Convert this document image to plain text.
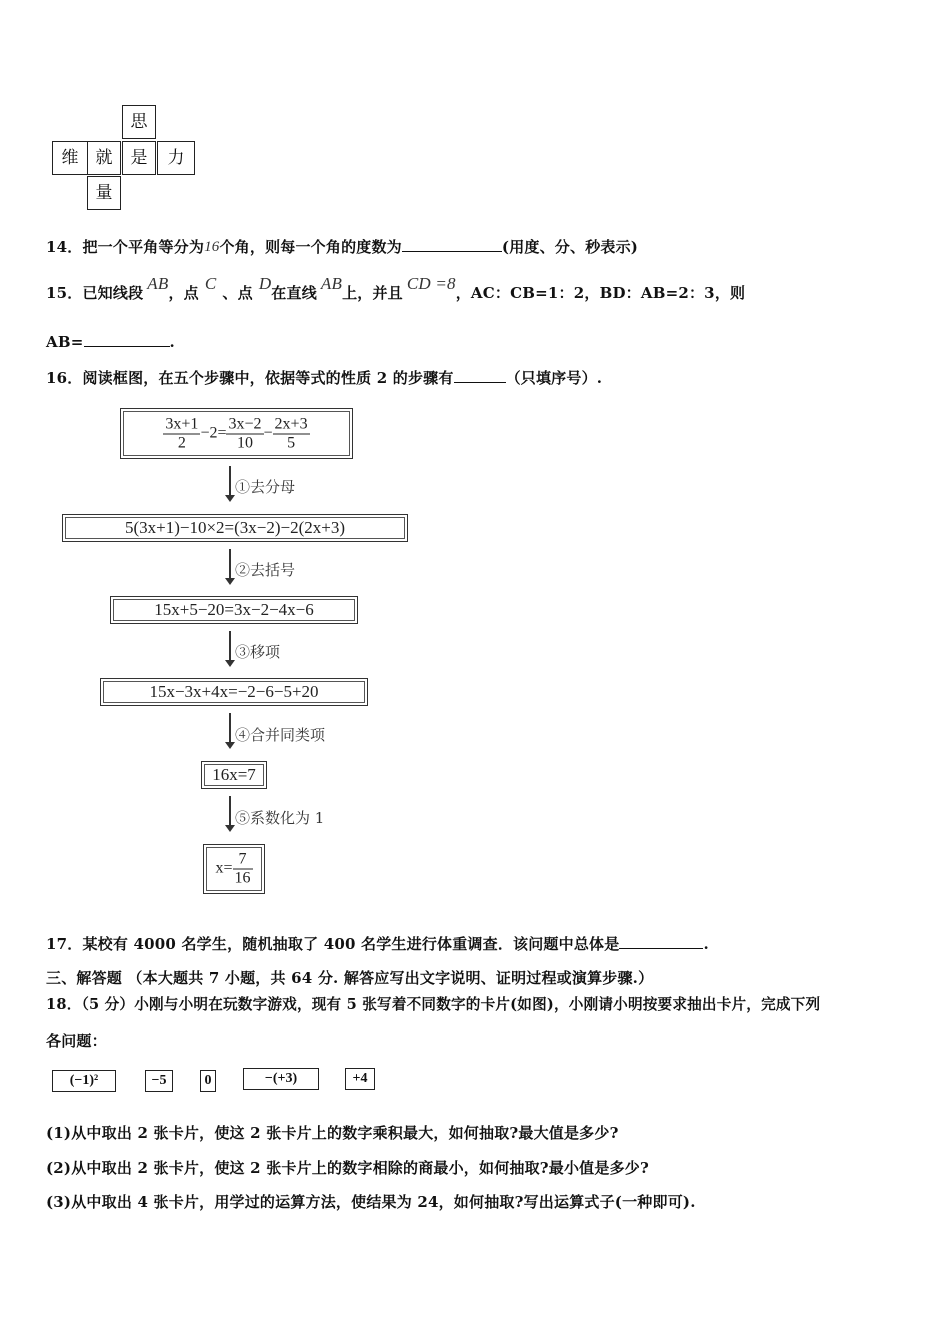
思
维	就	是	力
量
14．把一个平角等分为16个角，则每一个角的度数为	(用度、分、秒表示)
15．已知线段 AB，点 C 、点 D在直线 AB上，并且 CD =8，AC：CB=1：2，BD：AB=2：3，则
AB=	.
16．阅读框图，在五个步骤中，依据等式的性质 2 的步骤有	（只填序号）.
$\frac{3x+1}{2} -2= \frac{3x-2}{10} - \frac{2x+3}{5}$
①去分母
5(3x+1)−10×2=(3x−2)−2(2x+3)
②去括号
15x+5−20=3x−2−4x−6
③移项
15x−3x+4x=−2−6−5+20
④合并同类项
16x=7
⑤系数化为 1
$x= \frac{7}{16}$
17．某校有 4000 名学生，随机抽取了 400 名学生进行体重调查．该问题中总体是	.
三、解答题 （本大题共 7 小题，共 64 分. 解答应写出文字说明、证明过程或演算步骤.）
18．（5 分）小刚与小明在玩数字游戏，现有 5 张写着不同数字的卡片(如图)，小刚请小明按要求抽出卡片，完成下列
各问题：
(−1)²	−5	0	−(+3)	+4
(1)从中取出 2 张卡片，使这 2 张卡片上的数字乘积最大，如何抽取?最大值是多少?
(2)从中取出 2 张卡片，使这 2 张卡片上的数字相除的商最小，如何抽取?最小值是多少?
(3)从中取出 4 张卡片，用学过的运算方法，使结果为 24，如何抽取?写出运算式子(一种即可).
